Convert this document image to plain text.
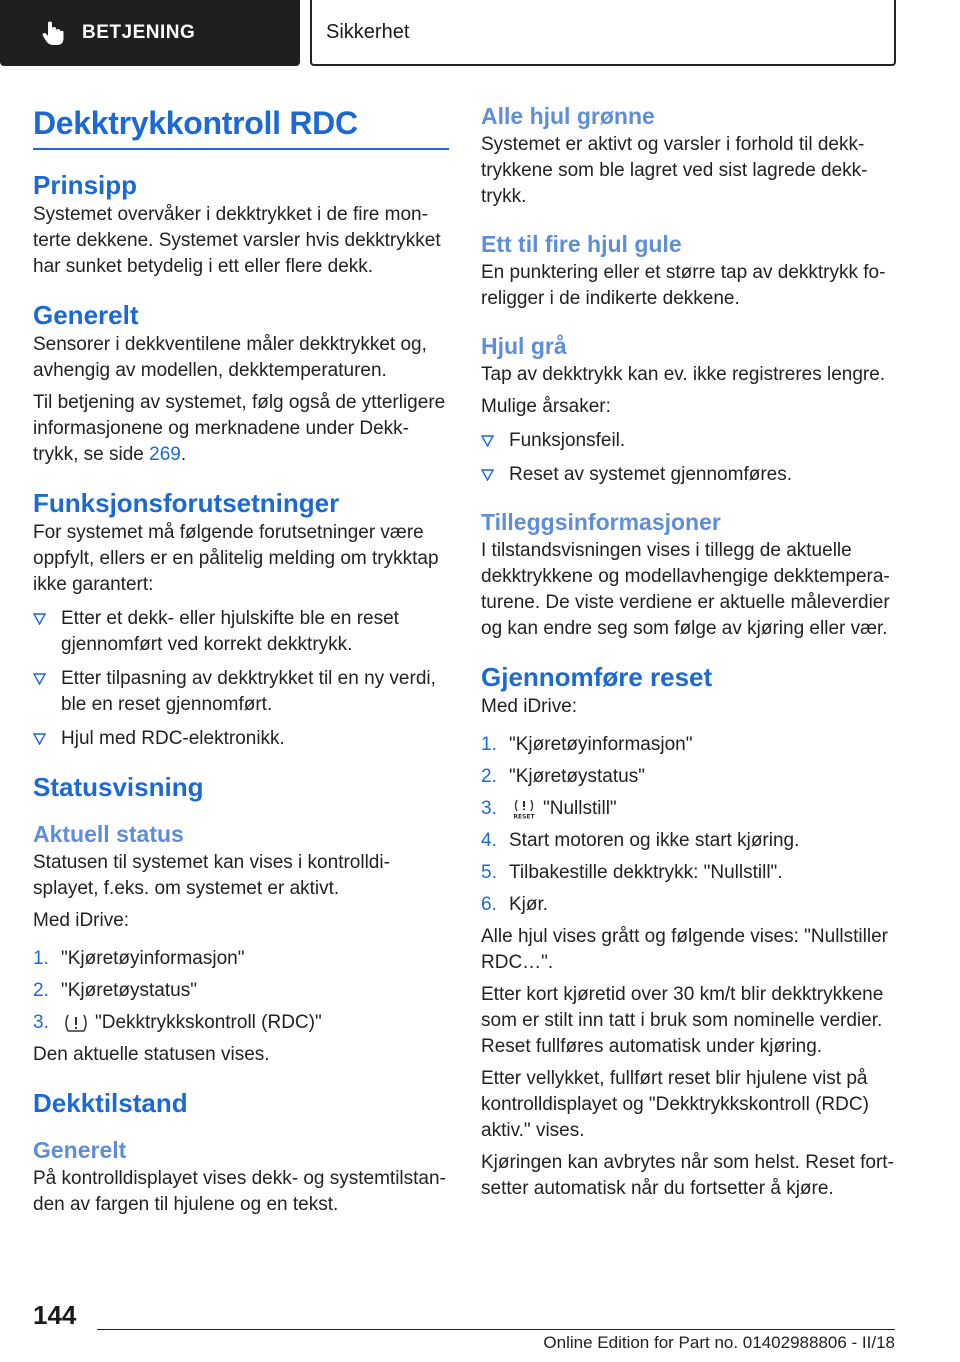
BETJENING	Sikkerhet
Dekktrykkontroll RDC
Prinsipp

Systemet overvåker i dekktrykket i de fire mon-terte dekkene. Systemet varsler hvis dekktrykket har sunket betydelig i ett eller flere dekk.

Generelt

Sensorer i dekkventilene måler dekktrykket og, avhengig av modellen, dekktemperaturen.

Til betjening av systemet, følg også de ytterligere informasjonene og merknadene under Dekk-trykk, se side 269.

Funksjonsforutsetninger

For systemet må følgende forutsetninger være oppfylt, ellers er en pålitelig melding om trykktap ikke garantert:

Etter et dekk- eller hjulskifte ble en reset gjennomført ved korrekt dekktrykk.
Etter tilpasning av dekktrykket til en ny verdi, ble en reset gjennomført.
Hjul med RDC-elektronikk.
Statusvisning
Aktuell status

Statusen til systemet kan vises i kontrolldi-splayet, f.eks. om systemet er aktivt.

Med iDrive:

1. "Kjøretøyinformasjon"
2. "Kjøretøystatus"
3. "Dekktrykkskontroll (RDC)"

Den aktuelle statusen vises.

Dekktilstand
Generelt

På kontrolldisplayet vises dekk- og systemtilstan-den av fargen til hjulene og en tekst.

Alle hjul grønne

Systemet er aktivt og varsler i forhold til dekk-trykkene som ble lagret ved sist lagrede dekk-trykk.

Ett til fire hjul gule

En punktering eller et større tap av dekktrykk fo-religger i de indikerte dekkene.

Hjul grå

Tap av dekktrykk kan ev. ikke registreres lengre.

Mulige årsaker:

Funksjonsfeil.
Reset av systemet gjennomføres.
Tilleggsinformasjoner

I tilstandsvisningen vises i tillegg de aktuelle dekktrykkene og modellavhengige dekktempera-turene. De viste verdiene er aktuelle måleverdier og kan endre seg som følge av kjøring eller vær.

Gjennomføre reset

Med iDrive:

1. "Kjøretøyinformasjon"
2. "Kjøretøystatus"
3.	RESET "Nullstill"
4. Start motoren og ikke start kjøring.
5. Tilbakestille dekktrykk: "Nullstill".
6. Kjør.

Alle hjul vises grått og følgende vises: "Nullstiller RDC…".

Etter kort kjøretid over 30 km/t blir dekktrykkene som er stilt inn tatt i bruk som nominelle verdier. Reset fullføres automatisk under kjøring.

Etter vellykket, fullført reset blir hjulene vist på kontrolldisplayet og "Dekktrykkskontroll (RDC) aktiv." vises.

Kjøringen kan avbrytes når som helst. Reset fort-setter automatisk når du fortsetter å kjøre.

144
Online Edition for Part no. 01402988806 - II/18
